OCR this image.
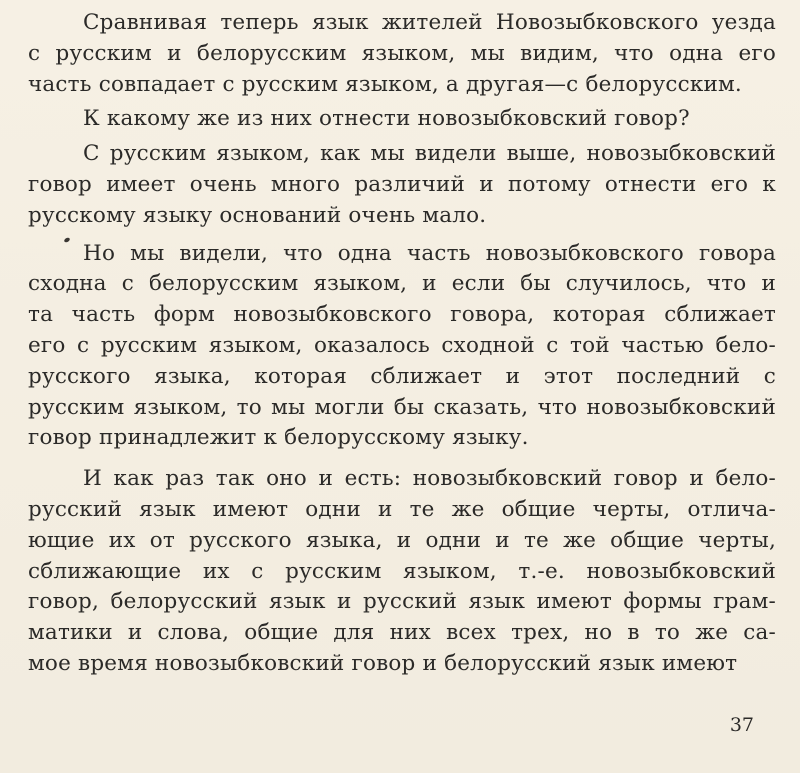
Сравнивая теперь язык жителей Новозыбковского уезда
с русским и белорусским языком, мы видим, что одна его
часть совпадает с русским языком, а другая—с белорусским.

К какому же из них отнести новозыбковский говор?

С русским языком, как мы видели выше, новозыбковский
говор имеет очень много различий и потому отнести его к
русскому языку оснований очень мало.

Но мы видели, что одна часть новозыбковского говора
сходна с белорусским языком, и если бы случилось, что и
та часть форм новозыбковского говора, которая сближает
его с русским языком, оказалось сходной с той частью бело-
русского языка, которая сближает и этот последний с
русским языком, то мы могли бы сказать, что новозыбковский
говор принадлежит к белорусскому языку.

И как раз так оно и есть: новозыбковский говор и бело-
русский язык имеют одни и те же общие черты, отлича-
ющие их от русского языка, и одни и те же общие черты,
сближающие их с русским языком, т.-е. новозыбковский
говор, белорусский язык и русский язык имеют формы грам-
матики и слова, общие для них всех трех, но в то же са-
мое время новозыбковский говор и белорусский язык имеют

37
